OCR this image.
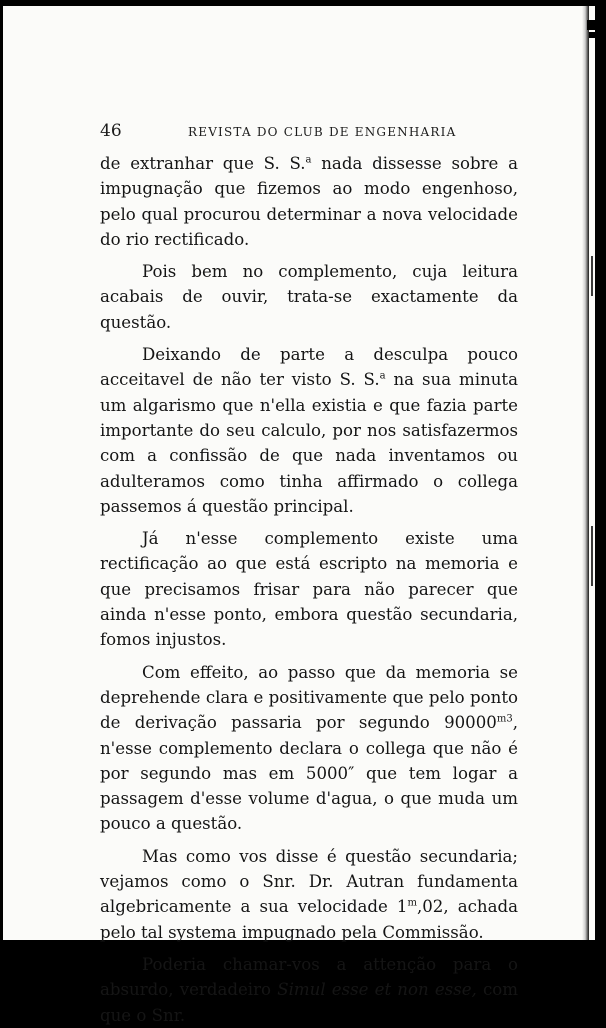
46	REVISTA DO CLUB DE ENGENHARIA

de extranhar que S. S.$^a$ nada dissesse sobre a impugnação que fizemos ao modo engenhoso, pelo qual procurou determinar a nova velocidade do rio rectificado.

Pois bem no complemento, cuja leitura acabais de ouvir, trata-se exactamente da questão.

Deixando de parte a desculpa pouco acceitavel de não ter visto S. S.$^a$ na sua minuta um algarismo que n'ella existia e que fazia parte importante do seu calculo, por nos satisfazermos com a confissão de que nada inventamos ou adulteramos como tinha affirmado o collega passemos á questão principal.

Já n'esse complemento existe uma rectificação ao que está escripto na memoria e que precisamos frisar para não parecer que ainda n'esse ponto, embora questão secundaria, fomos injustos.

Com effeito, ao passo que da memoria se deprehende clara e positivamente que pelo ponto de derivação passaria por segundo $90000^{m3}$, n'esse complemento declara o collega que não é por segundo mas em 5000″ que tem logar a passagem d'esse volume d'agua, o que muda um pouco a questão.

Mas como vos disse é questão secundaria; vejamos como o Snr. Dr. Autran fundamenta algebricamente a sua velocidade 1$^m$,02, achada pelo tal systema impugnado pela Commissão.

Poderia chamar-vos a attenção para o absurdo, verdadeiro Simul esse et non esse, com que o Snr.
